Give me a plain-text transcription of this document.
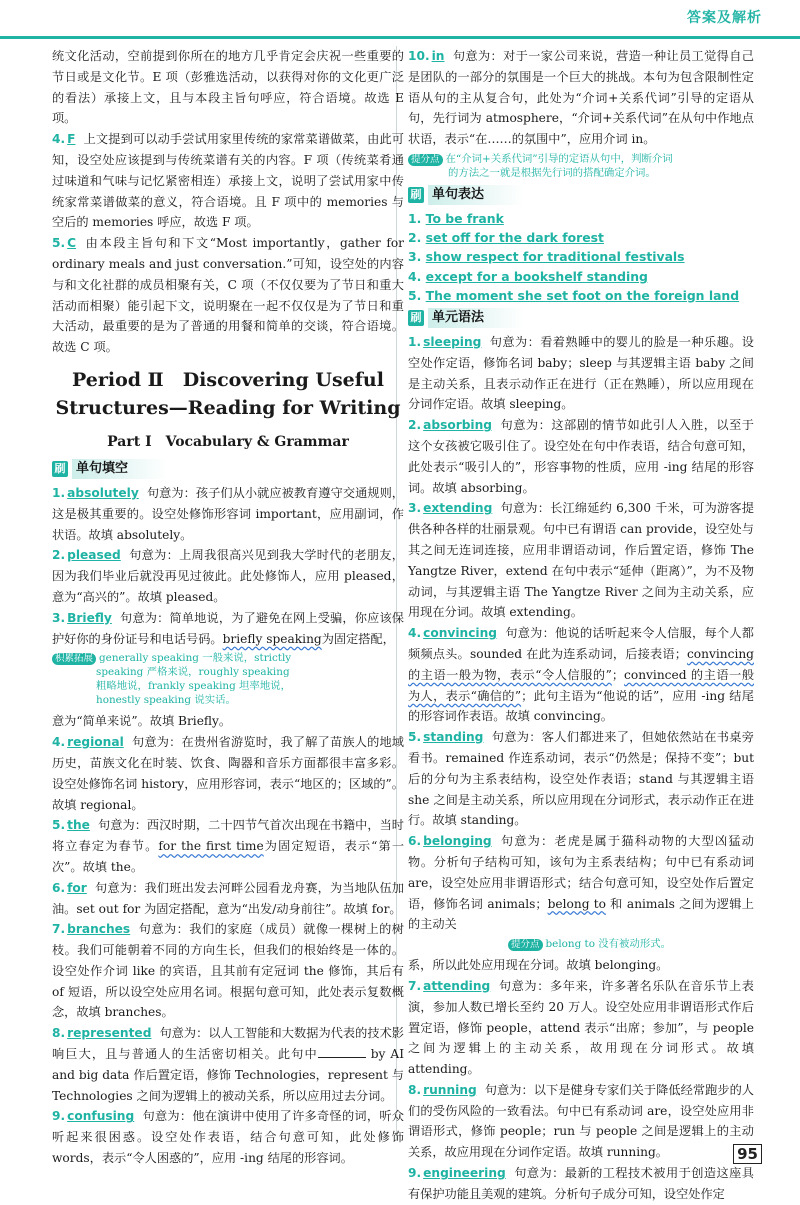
答案及解析

统文化活动，空前提到你所在的地方几乎肯定会庆祝一些重要的节日或是文化节。E 项（彭雅选活动，以获得对你的文化更广泛的看法）承接上文，且与本段主旨句呼应，符合语境。故选 E 项。

4. F 上文提到可以动手尝试用家里传统的家常菜谱做菜，由此可知，设空处应该提到与传统菜谱有关的内容。F 项（传统菜肴通过味道和气味与记忆紧密相连）承接上文，说明了尝试用家中传统家常菜谱做菜的意义，符合语境。且 F 项中的 memories 与空后的 memories 呼应，故选 F 项。

5. C 由本段主旨句和下文“Most importantly，gather for ordinary meals and just conversation.”可知，设空处的内容与和文化社群的成员相聚有关，C 项（不仅仅要为了节日和重大活动而相聚）能引起下文，说明聚在一起不仅仅是为了节日和重大活动，最重要的是为了普通的用餐和简单的交谈，符合语境。故选 C 项。

Period Ⅱ　Discovering Useful
Structures—Reading for Writing
Part Ⅰ　Vocabulary & Grammar
刷 单句填空

1. absolutely 句意为：孩子们从小就应被教育遵守交通规则，这是极其重要的。设空处修饰形容词 important，应用副词，作状语。故填 absolutely。

2. pleased 句意为：上周我很高兴见到我大学时代的老朋友，因为我们毕业后就没再见过彼此。此处修饰人，应用 pleased，意为“高兴的”。故填 pleased。

3. Briefly 句意为：简单地说，为了避免在网上受骗，你应该保护好你的身份证号和电话号码。briefly speaking为固定搭配，

积累拓展 generally speaking 一般来说，strictly
speaking 严格来说，roughly speaking
粗略地说，frankly speaking 坦率地说，
honestly speaking 说实话。

意为“简单来说”。故填 Briefly。

4. regional 句意为：在贵州省游览时，我了解了苗族人的地域历史，苗族文化在时装、饮食、陶器和音乐方面都很丰富多彩。设空处修饰名词 history，应用形容词，表示“地区的；区域的”。故填 regional。

5. the 句意为：西汉时期，二十四节气首次出现在书籍中，当时将立春定为春节。for the first time为固定短语，表示“第一次”。故填 the。

6. for 句意为：我们班出发去河畔公园看龙舟赛，为当地队伍加油。set out for 为固定搭配，意为“出发/动身前往”。故填 for。

7. branches 句意为：我们的家庭（成员）就像一棵树上的树枝。我们可能朝着不同的方向生长，但我们的根始终是一体的。设空处作介词 like 的宾语，且其前有定冠词 the 修饰，其后有 of 短语，所以设空处应用名词。根据句意可知，此处表示复数概念，故填 branches。

8. represented 句意为：以人工智能和大数据为代表的技术影响巨大，且与普通人的生活密切相关。此句中	by AI and big data 作后置定语，修饰 Technologies，represent 与 Technologies 之间为逻辑上的被动关系，所以应用过去分词。

9. confusing 句意为：他在演讲中使用了许多奇怪的词，听众听起来很困惑。设空处作表语，结合句意可知，此处修饰 words，表示“令人困惑的”，应用 -ing 结尾的形容词。

10. in 句意为：对于一家公司来说，营造一种让员工觉得自己是团队的一部分的氛围是一个巨大的挑战。本句为包含限制性定语从句的主从复合句，此处为“介词+关系代词”引导的定语从句，先行词为 atmosphere，“介词+关系代词”在从句中作地点状语，表示“在……的氛围中”，应用介词 in。

提分点 在“介词+关系代词”引导的定语从句中，判断介词
的方法之一就是根据先行词的搭配确定介词。
刷 单句表达
1. To be frank
2. set off for the dark forest
3. show respect for traditional festivals
4. except for a bookshelf standing
5. The moment she set foot on the foreign land
刷 单元语法

1. sleeping 句意为：看着熟睡中的婴儿的脸是一种乐趣。设空处作定语，修饰名词 baby；sleep 与其逻辑主语 baby 之间是主动关系，且表示动作正在进行（正在熟睡），所以应用现在分词作定语。故填 sleeping。

2. absorbing 句意为：这部剧的情节如此引人入胜，以至于这个女孩被它吸引住了。设空处在句中作表语，结合句意可知，此处表示“吸引人的”，形容事物的性质，应用 -ing 结尾的形容词。故填 absorbing。

3. extending 句意为：长江绵延约 6,300 千米，可为游客提供各种各样的壮丽景观。句中已有谓语 can provide，设空处与其之间无连词连接，应用非谓语动词，作后置定语，修饰 The Yangtze River，extend 在句中表示“延伸（距离）”，为不及物动词，与其逻辑主语 The Yangtze River 之间为主动关系，应用现在分词。故填 extending。

4. convincing 句意为：他说的话听起来令人信服，每个人都频频点头。sounded 在此为连系动词，后接表语；convincing 的主语一般为物，表示“令人信服的”；convinced 的主语一般为人，表示“确信的”；此句主语为“他说的话”，应用 -ing 结尾的形容词作表语。故填 convincing。

5. standing 句意为：客人们都进来了，但她依然站在书桌旁看书。remained 作连系动词，表示“仍然是；保持不变”；but 后的分句为主系表结构，设空处作表语；stand 与其逻辑主语 she 之间是主动关系，所以应用现在分词形式，表示动作正在进行。故填 standing。

6. belonging 句意为：老虎是属于猫科动物的大型凶猛动物。分析句子结构可知，该句为主系表结构；句中已有系动词 are，设空处应用非谓语形式；结合句意可知，设空处作后置定语，修饰名词 animals；belong to 和 animals 之间为逻辑上的主动关

提分点 belong to 没有被动形式。

系，所以此处应用现在分词。故填 belonging。

7. attending 句意为：多年来，许多著名乐队在音乐节上表演，参加人数已增长至约 20 万人。设空处应用非谓语形式作后置定语，修饰 people，attend 表示“出席；参加”，与 people 之间为逻辑上的主动关系，故用现在分词形式。故填 attending。

8. running 句意为：以下是健身专家们关于降低经常跑步的人们的受伤风险的一致看法。句中已有系动词 are，设空处应用非谓语形式，修饰 people；run 与 people 之间是逻辑上的主动关系，故应用现在分词作定语。故填 running。

9. engineering 句意为：最新的工程技术被用于创造这座具有保护功能且美观的建筑。分析句子成分可知，设空处作定

95
